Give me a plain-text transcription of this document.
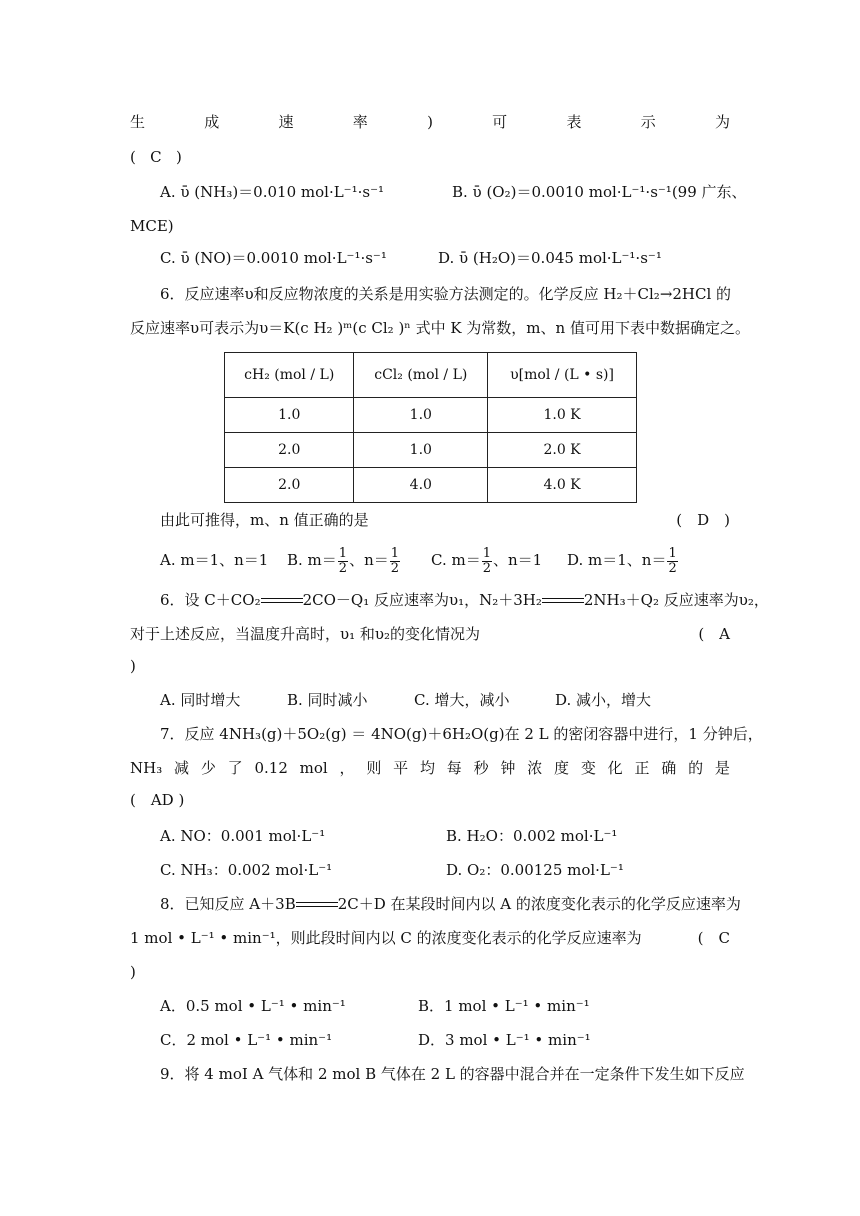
生	成	速	率	)	可	表	示	为
( C )
A. ῡ (NH₃)＝0.010 mol·L⁻¹·s⁻¹	B. ῡ (O₂)＝0.0010 mol·L⁻¹·s⁻¹(99 广东、
MCE)
C. ῡ (NO)＝0.0010 mol·L⁻¹·s⁻¹	D. ῡ (H₂O)＝0.045 mol·L⁻¹·s⁻¹
6．反应速率υ和反应物浓度的关系是用实验方法测定的。化学反应 H₂＋Cl₂→2HCl 的
反应速率υ可表示为υ＝K(c H₂ )ᵐ(c Cl₂ )ⁿ 式中 K 为常数，m、n 值可用下表中数据确定之。
cH₂ (mol / L)	cCl₂ (mol / L)	υ[mol / (L • s)]
1.0	1.0	1.0 K
2.0	1.0	2.0 K
2.0	4.0	4.0 K
由此可推得，m、n 值正确的是	(　D　)
A. m＝1、n＝1 B. $m= \frac{1}{2}$ 、$n= \frac{1}{2} C$. $m= \frac{1}{2}$ 、n＝1 D. m＝1、$n= \frac{1}{2}$
6．设 C＋CO₂	2CO－Q₁ 反应速率为υ₁，N₂＋3H₂	2NH₃＋Q₂ 反应速率为υ₂，
对于上述反应，当温度升高时，υ₁ 和υ₂的变化情况为	(　A
)
A. 同时增大	B. 同时减小	C. 增大，减小	D. 减小，增大
7．反应 4NH₃(g)＋5O₂(g) ＝ 4NO(g)＋6H₂O(g)在 2 L 的密闭容器中进行，1 分钟后，
NH₃ 减 少 了 0.12 mol ， 则 平 均 每 秒 钟 浓 度 变 化 正 确 的 是
(　AD )
A. NO：0.001 mol·L⁻¹	B. H₂O：0.002 mol·L⁻¹
C. NH₃：0.002 mol·L⁻¹	D. O₂：0.00125 mol·L⁻¹
8．已知反应 A＋3B	2C＋D 在某段时间内以 A 的浓度变化表示的化学反应速率为
1 mol • L⁻¹ • min⁻¹，则此段时间内以 C 的浓度变化表示的化学反应速率为	(　C
)
A．0.5 mol • L⁻¹ • min⁻¹	B．1 mol • L⁻¹ • min⁻¹
C．2 mol • L⁻¹ • min⁻¹	D．3 mol • L⁻¹ • min⁻¹
9．将 4 moI A 气体和 2 mol B 气体在 2 L 的容器中混合并在一定条件下发生如下反应
